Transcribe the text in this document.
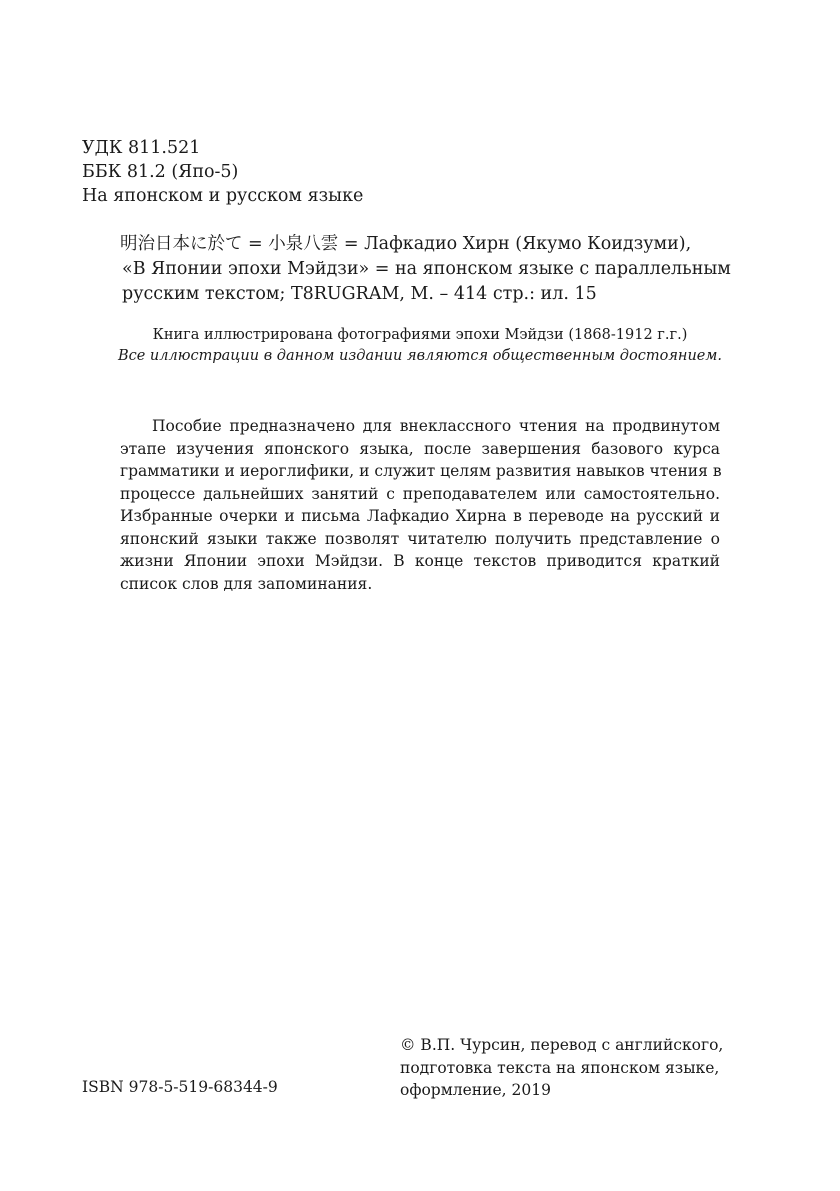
УДК 811.521
ББК 81.2 (Япо-5)
На японском и русском языке
明治日本に於て = 小泉八雲 = Лафкадио Хирн (Якумо Коидзуми),
«В Японии эпохи Мэйдзи» = на японском языке с параллельным
русским текстом; T8RUGRAM, М. – 414 стр.: ил. 15
Книга иллюстрирована фотографиями эпохи Мэйдзи (1868-1912 г.г.)
Все иллюстрации в данном издании являются общественным достоянием.
Пособие предназначено для внеклассного чтения на продвинутом
этапе изучения японского языка, после завершения базового курса
грамматики и иероглифики, и служит целям развития навыков чтения в
процессе дальнейших занятий с преподавателем или самостоятельно.
Избранные очерки и письма Лафкадио Хирна в переводе на русский и
японский языки также позволят читателю получить представление о
жизни Японии эпохи Мэйдзи. В конце текстов приводится краткий
список слов для запоминания.
ISBN 978-5-519-68344-9
© В.П. Чурсин, перевод с английского,
подготовка текста на японском языке,
оформление, 2019
